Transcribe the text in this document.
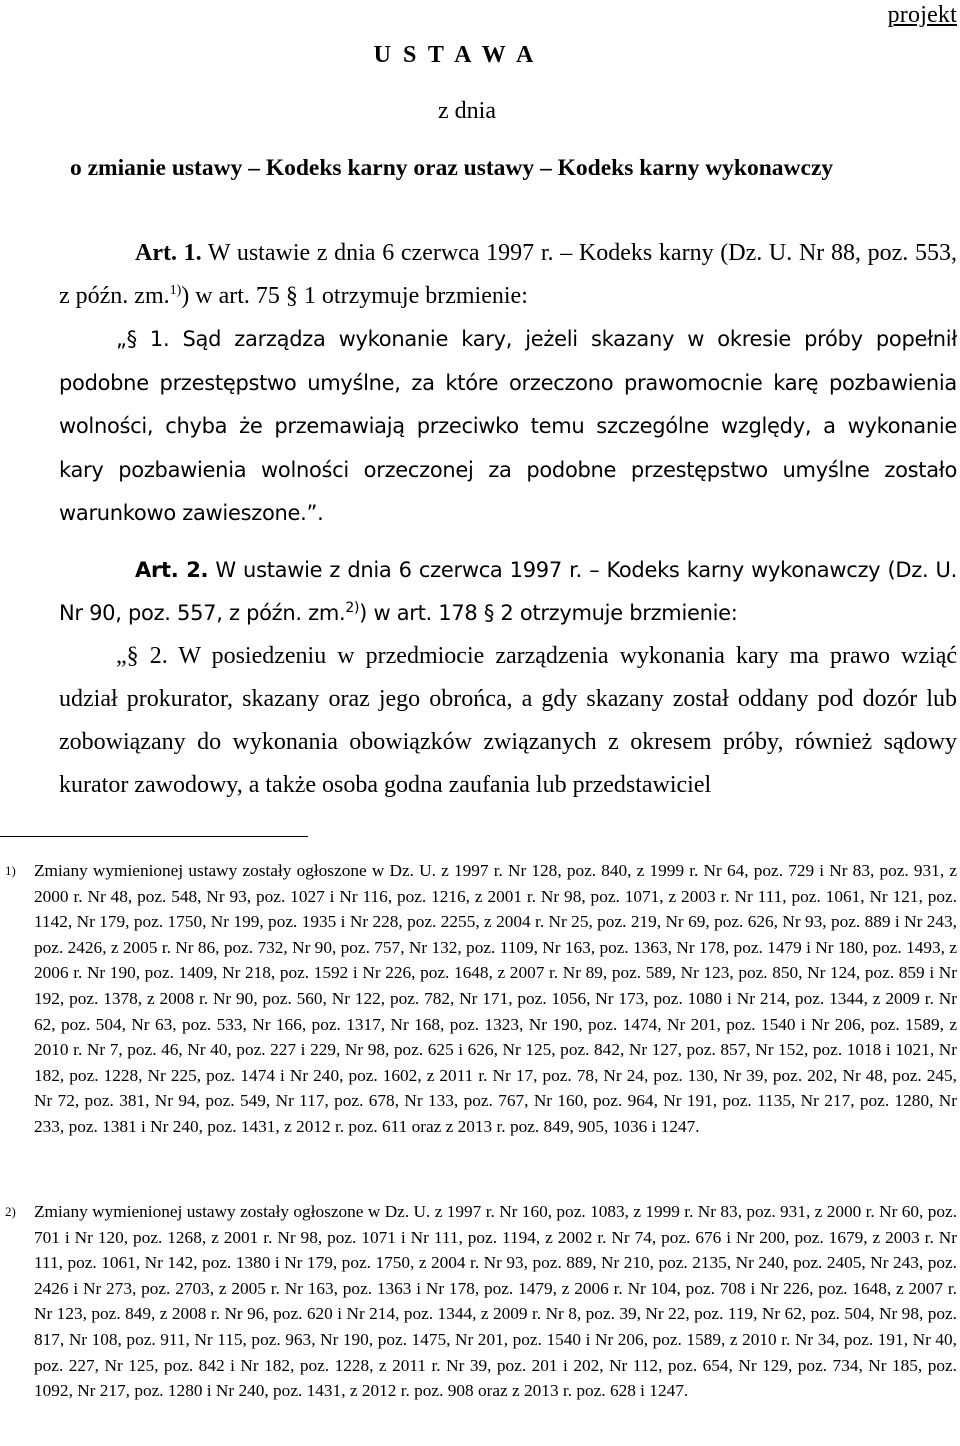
projekt
U S T A W A
z dnia
o zmianie ustawy – Kodeks karny oraz ustawy – Kodeks karny wykonawczy
Art. 1. W ustawie z dnia 6 czerwca 1997 r. – Kodeks karny (Dz. U. Nr 88, poz. 553, z późn. zm.$^{1)}$) w art. 75 § 1 otrzymuje brzmienie:
„§ 1. Sąd zarządza wykonanie kary, jeżeli skazany w okresie próby popełnił podobne przestępstwo umyślne, za które orzeczono prawomocnie karę pozbawienia wolności, chyba że przemawiają przeciwko temu szczególne względy, a wykonanie kary pozbawienia wolności orzeczonej za podobne przestępstwo umyślne zostało warunkowo zawieszone.”.
Art. 2. W ustawie z dnia 6 czerwca 1997 r. – Kodeks karny wykonawczy (Dz. U. Nr 90, poz. 557, z późn. zm.$^{2)}$) w art. 178 § 2 otrzymuje brzmienie:
„§ 2. W posiedzeniu w przedmiocie zarządzenia wykonania kary ma prawo wziąć udział prokurator, skazany oraz jego obrońca, a gdy skazany został oddany pod dozór lub zobowiązany do wykonania obowiązków związanych z okresem próby, również sądowy kurator zawodowy, a także osoba godna zaufania lub przedstawiciel
1) Zmiany wymienionej ustawy zostały ogłoszone w Dz. U. z 1997 r. Nr 128, poz. 840, z 1999 r. Nr 64, poz. 729 i Nr 83, poz. 931, z 2000 r. Nr 48, poz. 548, Nr 93, poz. 1027 i Nr 116, poz. 1216, z 2001 r. Nr 98, poz. 1071, z 2003 r. Nr 111, poz. 1061, Nr 121, poz. 1142, Nr 179, poz. 1750, Nr 199, poz. 1935 i Nr 228, poz. 2255, z 2004 r. Nr 25, poz. 219, Nr 69, poz. 626, Nr 93, poz. 889 i Nr 243, poz. 2426, z 2005 r. Nr 86, poz. 732, Nr 90, poz. 757, Nr 132, poz. 1109, Nr 163, poz. 1363, Nr 178, poz. 1479 i Nr 180, poz. 1493, z 2006 r. Nr 190, poz. 1409, Nr 218, poz. 1592 i Nr 226, poz. 1648, z 2007 r. Nr 89, poz. 589, Nr 123, poz. 850, Nr 124, poz. 859 i Nr 192, poz. 1378, z 2008 r. Nr 90, poz. 560, Nr 122, poz. 782, Nr 171, poz. 1056, Nr 173, poz. 1080 i Nr 214, poz. 1344, z 2009 r. Nr 62, poz. 504, Nr 63, poz. 533, Nr 166, poz. 1317, Nr 168, poz. 1323, Nr 190, poz. 1474, Nr 201, poz. 1540 i Nr 206, poz. 1589, z 2010 r. Nr 7, poz. 46, Nr 40, poz. 227 i 229, Nr 98, poz. 625 i 626, Nr 125, poz. 842, Nr 127, poz. 857, Nr 152, poz. 1018 i 1021, Nr 182, poz. 1228, Nr 225, poz. 1474 i Nr 240, poz. 1602, z 2011 r. Nr 17, poz. 78, Nr 24, poz. 130, Nr 39, poz. 202, Nr 48, poz. 245, Nr 72, poz. 381, Nr 94, poz. 549, Nr 117, poz. 678, Nr 133, poz. 767, Nr 160, poz. 964, Nr 191, poz. 1135, Nr 217, poz. 1280, Nr 233, poz. 1381 i Nr 240, poz. 1431, z 2012 r. poz. 611 oraz z 2013 r. poz. 849, 905, 1036 i 1247.
2) Zmiany wymienionej ustawy zostały ogłoszone w Dz. U. z 1997 r. Nr 160, poz. 1083, z 1999 r. Nr 83, poz. 931, z 2000 r. Nr 60, poz. 701 i Nr 120, poz. 1268, z 2001 r. Nr 98, poz. 1071 i Nr 111, poz. 1194, z 2002 r. Nr 74, poz. 676 i Nr 200, poz. 1679, z 2003 r. Nr 111, poz. 1061, Nr 142, poz. 1380 i Nr 179, poz. 1750, z 2004 r. Nr 93, poz. 889, Nr 210, poz. 2135, Nr 240, poz. 2405, Nr 243, poz. 2426 i Nr 273, poz. 2703, z 2005 r. Nr 163, poz. 1363 i Nr 178, poz. 1479, z 2006 r. Nr 104, poz. 708 i Nr 226, poz. 1648, z 2007 r. Nr 123, poz. 849, z 2008 r. Nr 96, poz. 620 i Nr 214, poz. 1344, z 2009 r. Nr 8, poz. 39, Nr 22, poz. 119, Nr 62, poz. 504, Nr 98, poz. 817, Nr 108, poz. 911, Nr 115, poz. 963, Nr 190, poz. 1475, Nr 201, poz. 1540 i Nr 206, poz. 1589, z 2010 r. Nr 34, poz. 191, Nr 40, poz. 227, Nr 125, poz. 842 i Nr 182, poz. 1228, z 2011 r. Nr 39, poz. 201 i 202, Nr 112, poz. 654, Nr 129, poz. 734, Nr 185, poz. 1092, Nr 217, poz. 1280 i Nr 240, poz. 1431, z 2012 r. poz. 908 oraz z 2013 r. poz. 628 i 1247.
